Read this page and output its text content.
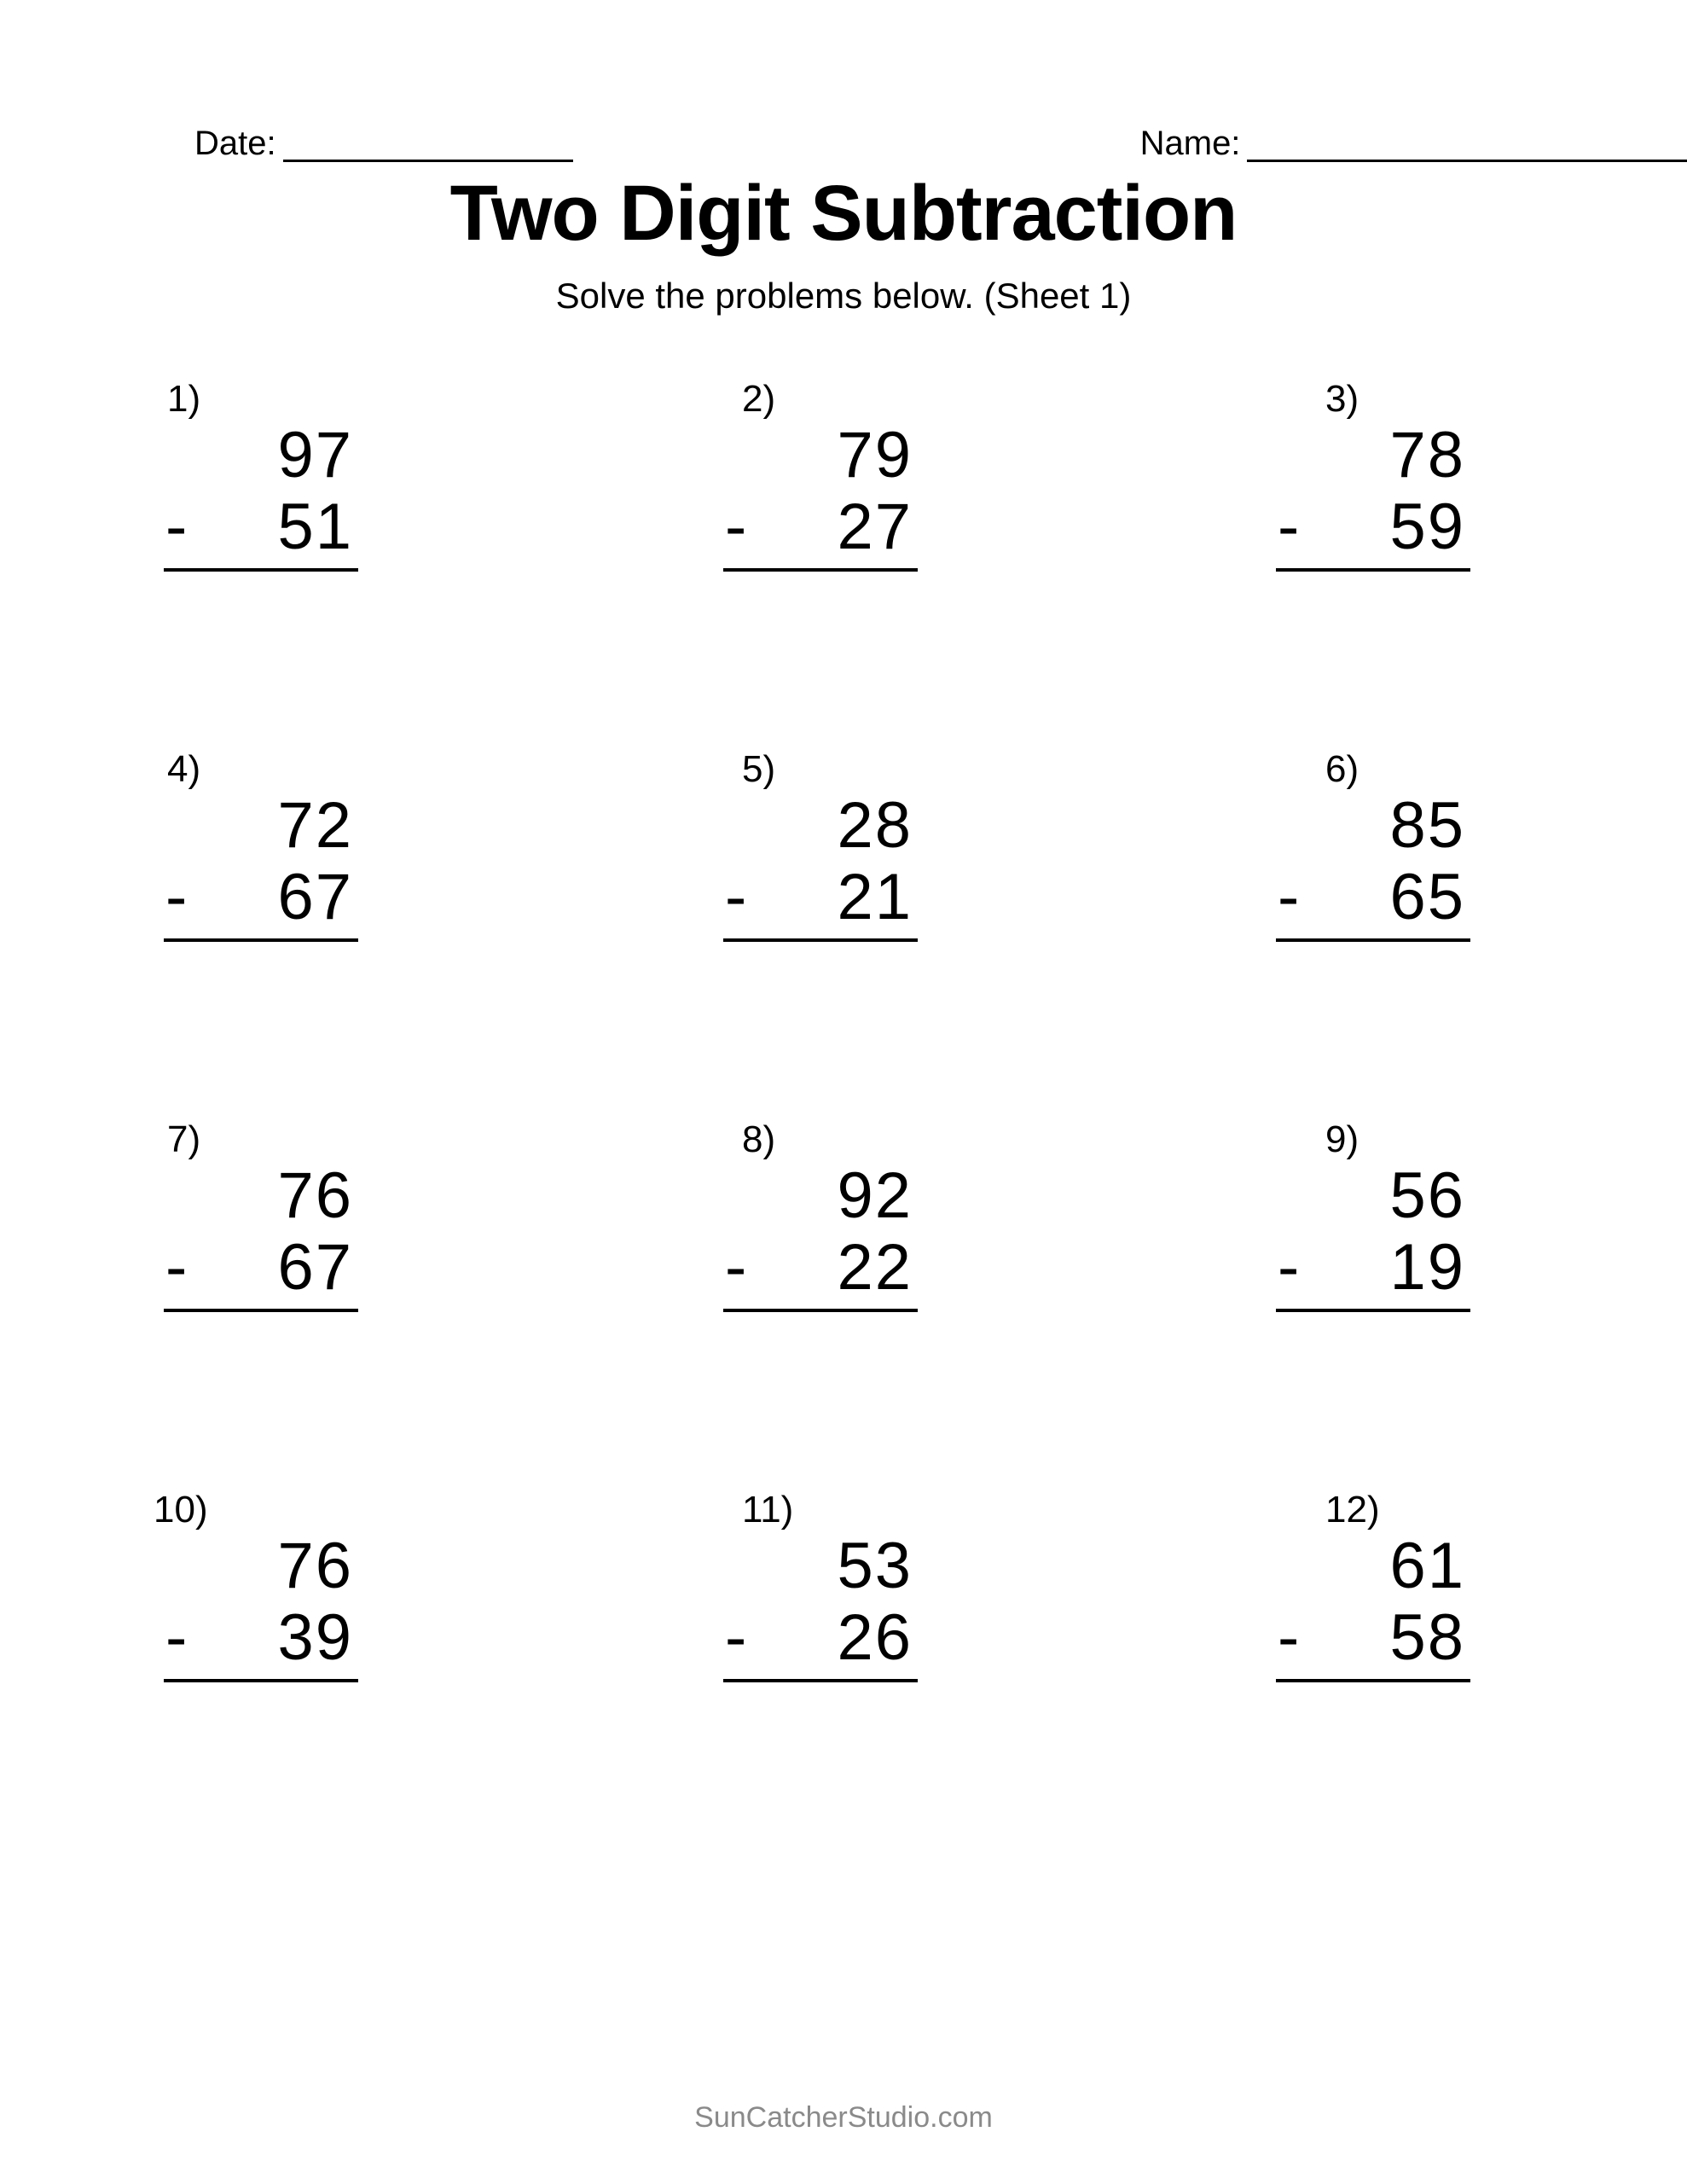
Date:	Name:
Two Digit Subtraction

Solve the problems below. (Sheet 1)

1)
97
- 51
2)
79
- 27
3)
78
- 59
4)
72
- 67
5)
28
- 21
6)
85
- 65
7)
76
- 67
8)
92
- 22
9)
56
- 19
10)
76
- 39
11)
53
- 26
12)
61
- 58
SunCatcherStudio.com
